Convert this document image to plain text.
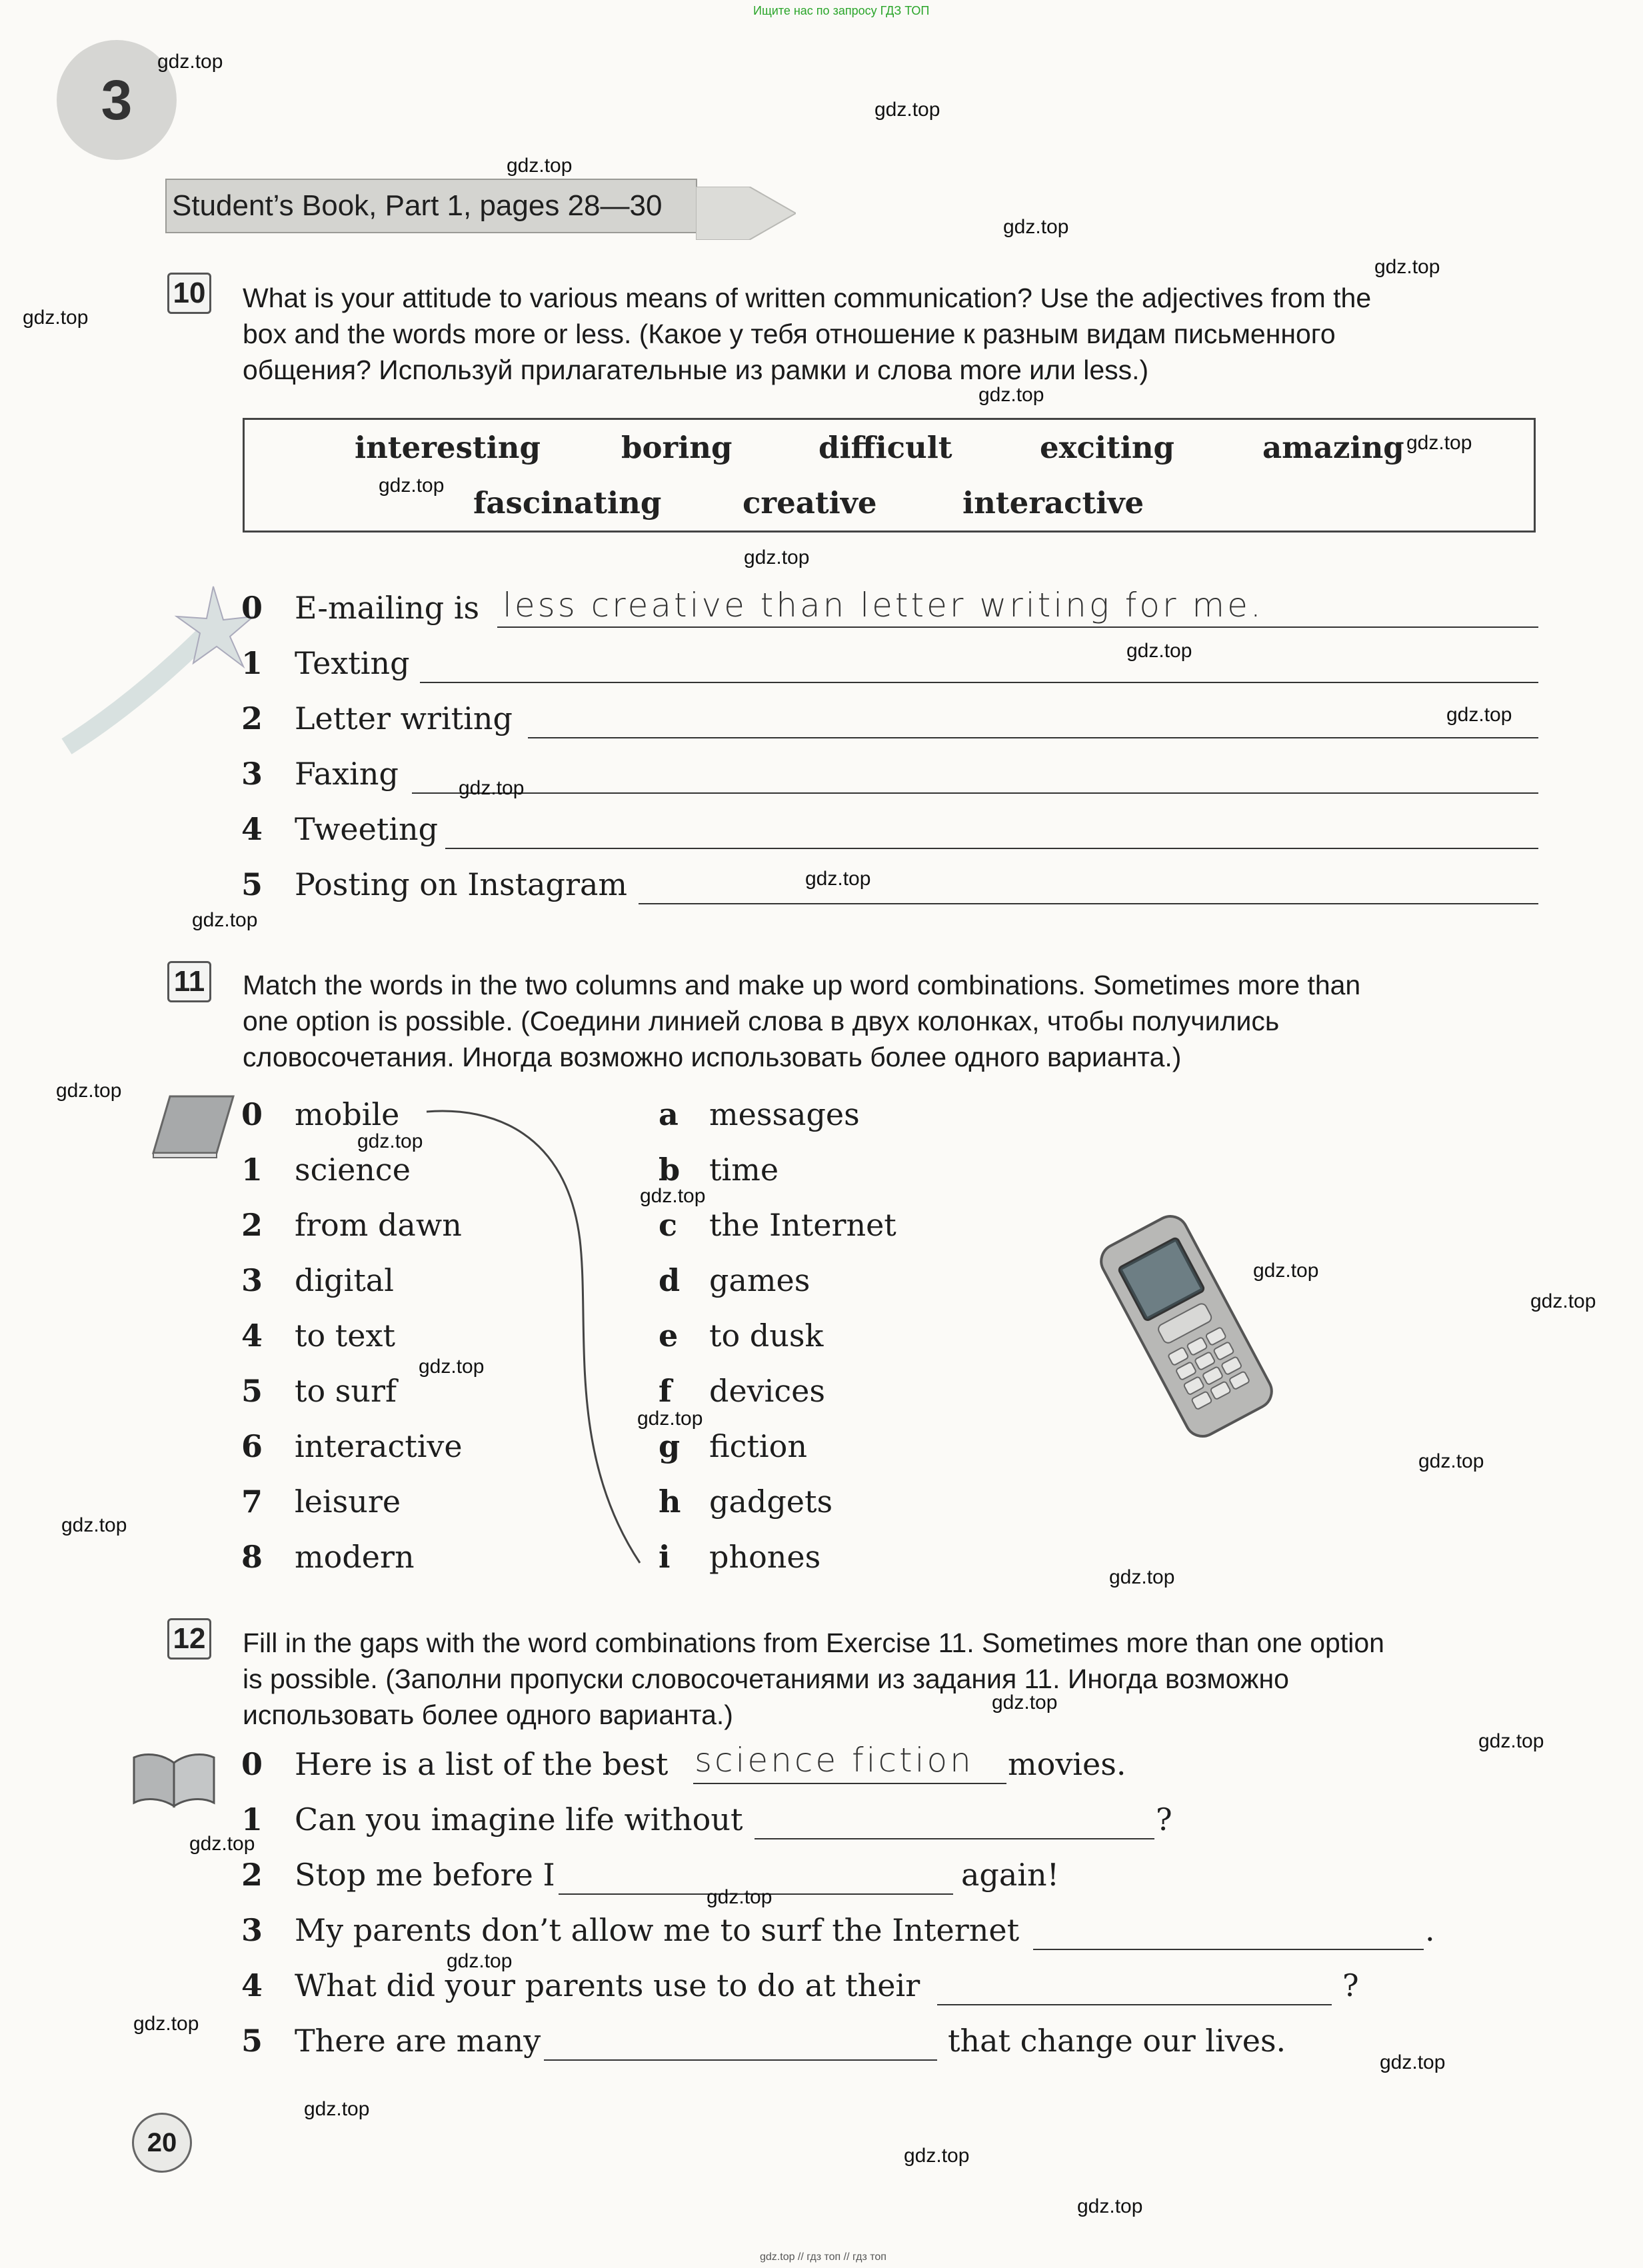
Ищите нас по запросу ГДЗ ТОП
3
Student’s Book, Part 1, pages 28—30
10 What is your attitude to various means of written communication? Use the adjectives from the
box and the words more or less. (Какое у тебя отношение к разным видам письменного
общения? Используй прилагательные из рамки и слова more или less.)
interesting	boring	difficult	exciting	amazing
fascinating	creative	interactive
0 E-mailing is less creative than letter writing for me.
1 Texting
2 Letter writing
3 Faxing
4 Tweeting
5 Posting on Instagram
11 Match the words in the two columns and make up word combinations. Sometimes more than
one option is possible. (Соедини линией слова в двух колонках, чтобы получились
словосочетания. Иногда возможно использовать более одного варианта.)
0 mobile
1 science
2 from dawn
3 digital
4 to text
5 to surf
6 interactive
7 leisure
8 modern
a messages
b time
c the Internet
d games
e to dusk
f devices
g fiction
h gadgets
i phones
12 Fill in the gaps with the word combinations from Exercise 11. Sometimes more than one option
is possible. (Заполни пропуски словосочетаниями из задания 11. Иногда возможно
использовать более одного варианта.)
0 Here is a list of the best science fiction movies.
1 Can you imagine life without	?
2 Stop me before I	again!
3 My parents don’t allow me to surf the Internet	.
4 What did your parents use to do at their	?
5 There are many	that change our lives.
20
gdz.top // гдз топ // гдз топ
gdz.top
gdz.top
gdz.top
gdz.top
gdz.top
gdz.top
gdz.top
gdz.top
gdz.top
gdz.top
gdz.top
gdz.top
gdz.top
gdz.top
gdz.top
gdz.top
gdz.top
gdz.top
gdz.top
gdz.top
gdz.top
gdz.top
gdz.top
gdz.top
gdz.top
gdz.top
gdz.top
gdz.top
gdz.top
gdz.top
gdz.top
gdz.top
gdz.top
gdz.top
gdz.top
